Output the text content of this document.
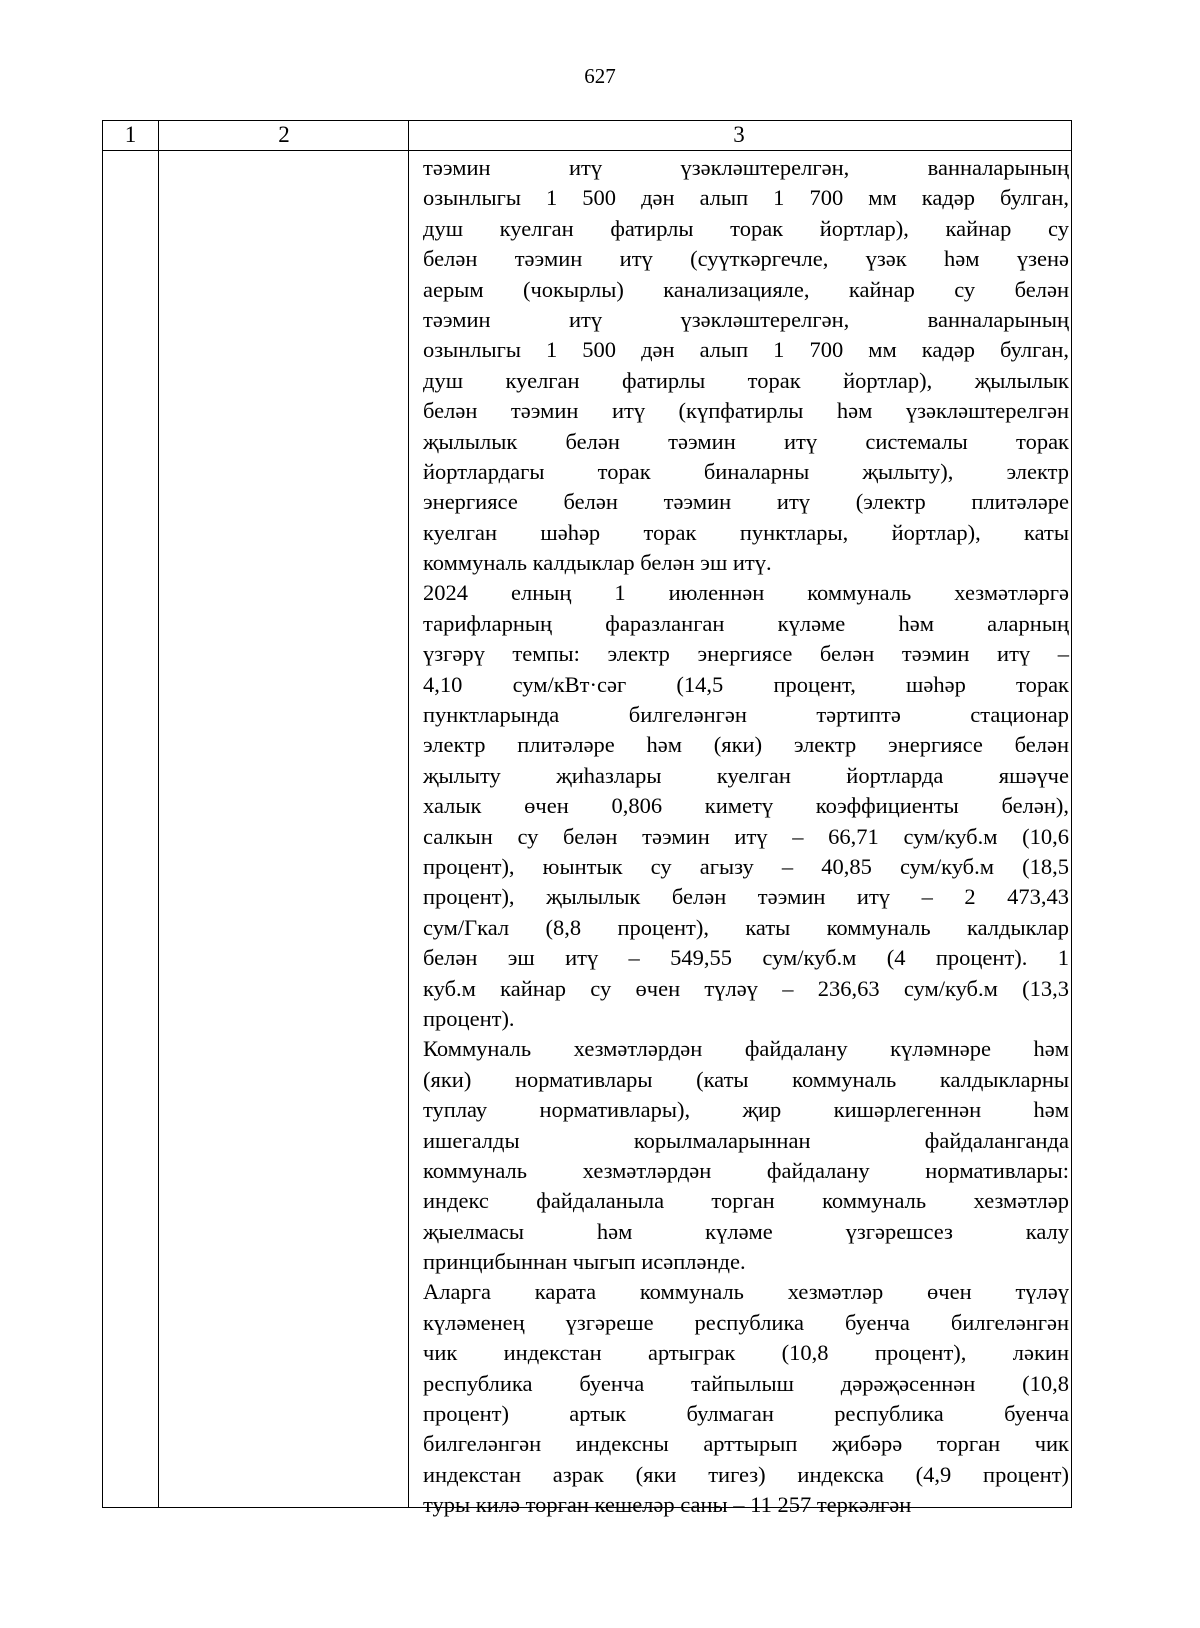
627
1	2	3
тәэмин итү үзәкләштерелгән, ванналарының
озынлыгы 1 500 дән алып 1 700 мм кадәр булган,
душ куелган фатирлы торак йортлар), кайнар су
белән тәэмин итү (суүткәргечле, үзәк һәм үзенә
аерым (чокырлы) канализацияле, кайнар су белән
тәэмин итү үзәкләштерелгән, ванналарының
озынлыгы 1 500 дән алып 1 700 мм кадәр булган,
душ куелган фатирлы торак йортлар), җылылык
белән тәэмин итү (күпфатирлы һәм үзәкләштерелгән
җылылык белән тәэмин итү системалы торак
йортлардагы торак биналарны җылыту), электр
энергиясе белән тәэмин итү (электр плитәләре
куелган шәһәр торак пунктлары, йортлар), каты
коммуналь калдыклар белән эш итү.
2024 елның 1 июленнән коммуналь хезмәтләргә
тарифларның фаразланган күләме һәм аларның
үзгәрү темпы: электр энергиясе белән тәэмин итү –
4,10 сум/кВт·сәг (14,5 процент, шәһәр торак
пунктларында билгеләнгән тәртиптә стационар
электр плитәләре һәм (яки) электр энергиясе белән
җылыту җиһазлары куелган йортларда яшәүче
халык өчен 0,806 киметү коэффициенты белән),
салкын су белән тәэмин итү – 66,71 сум/куб.м (10,6
процент), юынтык су агызу – 40,85 сум/куб.м (18,5
процент), җылылык белән тәэмин итү – 2 473,43
сум/Гкал (8,8 процент), каты коммуналь калдыклар
белән эш итү – 549,55 сум/куб.м (4 процент). 1
куб.м кайнар су өчен түләү – 236,63 сум/куб.м (13,3
процент).
Коммуналь хезмәтләрдән файдалану күләмнәре һәм
(яки) нормативлары (каты коммуналь калдыкларны
туплау нормативлары), җир кишәрлегеннән һәм
ишегалды корылмаларыннан файдаланганда
коммуналь хезмәтләрдән файдалану нормативлары:
индекс файдаланыла торган коммуналь хезмәтләр
җыелмасы һәм күләме үзгәрешсез калу
принцибыннан чыгып исәпләнде.
Аларга карата коммуналь хезмәтләр өчен түләү
күләменең үзгәреше республика буенча билгеләнгән
чик индекстан артыграк (10,8 процент), ләкин
республика буенча тайпылыш дәрәҗәсеннән (10,8
процент) артык булмаган республика буенча
билгеләнгән индексны арттырып җибәрә торган чик
индекстан азрак (яки тигез) индекска (4,9 процент)
туры килә торган кешеләр саны – 11 257 теркәлгән
